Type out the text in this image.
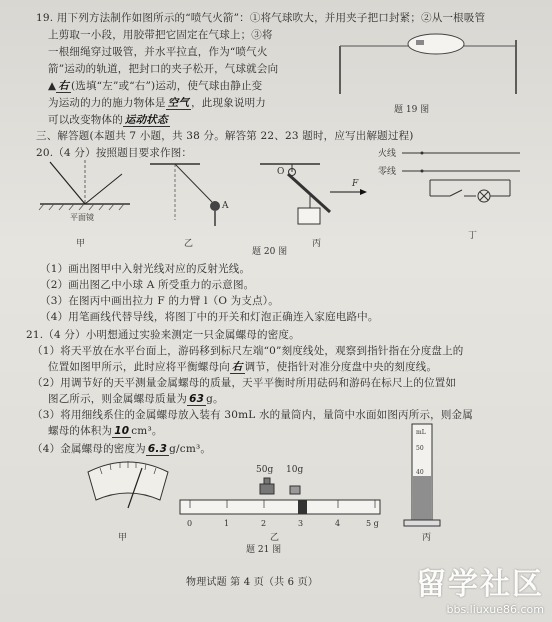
19. 用下列方法制作如图所示的“喷气火箭”：①将气球吹大，并用夹子把口封紧；②从一根吸管
上剪取一小段，用胶带把它固定在气球上；③将
一根细绳穿过吸管，并水平拉直，作为“喷气火
箭”运动的轨道，把封口的夹子松开，气球就会向
▲ 右 (选填“左”或“右”)运动，使气球由静止变
为运动的力的施力物体是 空气 ，此现象说明力
可以改变物体的 运动状态
题 19 图
三、解答题(本题共 7 小题，共 38 分。解答第 22、23 题时，应写出解题过程)
20.（4 分）按照题目要求作图：
平面镜
甲
A
乙
O
F
丙
火线
零线
丁
题 20 图
（1）画出图甲中入射光线对应的反射光线。
（2）画出图乙中小球 A 所受重力的示意图。
（3）在图丙中画出拉力 F 的力臂 l（O 为支点）。
（4）用笔画线代替导线，将图丁中的开关和灯泡正确连入家庭电路中。
21.（4 分）小明想通过实验来测定一只金属螺母的密度。
（1）将天平放在水平台面上，游码移到标尺左端“0”刻度线处，观察到指针指在分度盘上的
位置如图甲所示，此时应将平衡螺母向 右 调节，使指针对准分度盘中央的刻度线。
（2）用调节好的天平测量金属螺母的质量，天平平衡时所用砝码和游码在标尺上的位置如
图乙所示，则金属螺母质量为 63 g。
（3）将用细线系住的金属螺母放入装有 30mL 水的量筒内，量筒中水面如图丙所示，则金属
螺母的体积为 10 cm³。
（4）金属螺母的密度为 6.3 g/cm³。
甲
50g 10g
0	1	2	3	4	5 g
乙
题 21 图
mL
50
40
丙
物理试题 第 4 页（共 6 页）	留学社区
bbs.liuxue86.com
